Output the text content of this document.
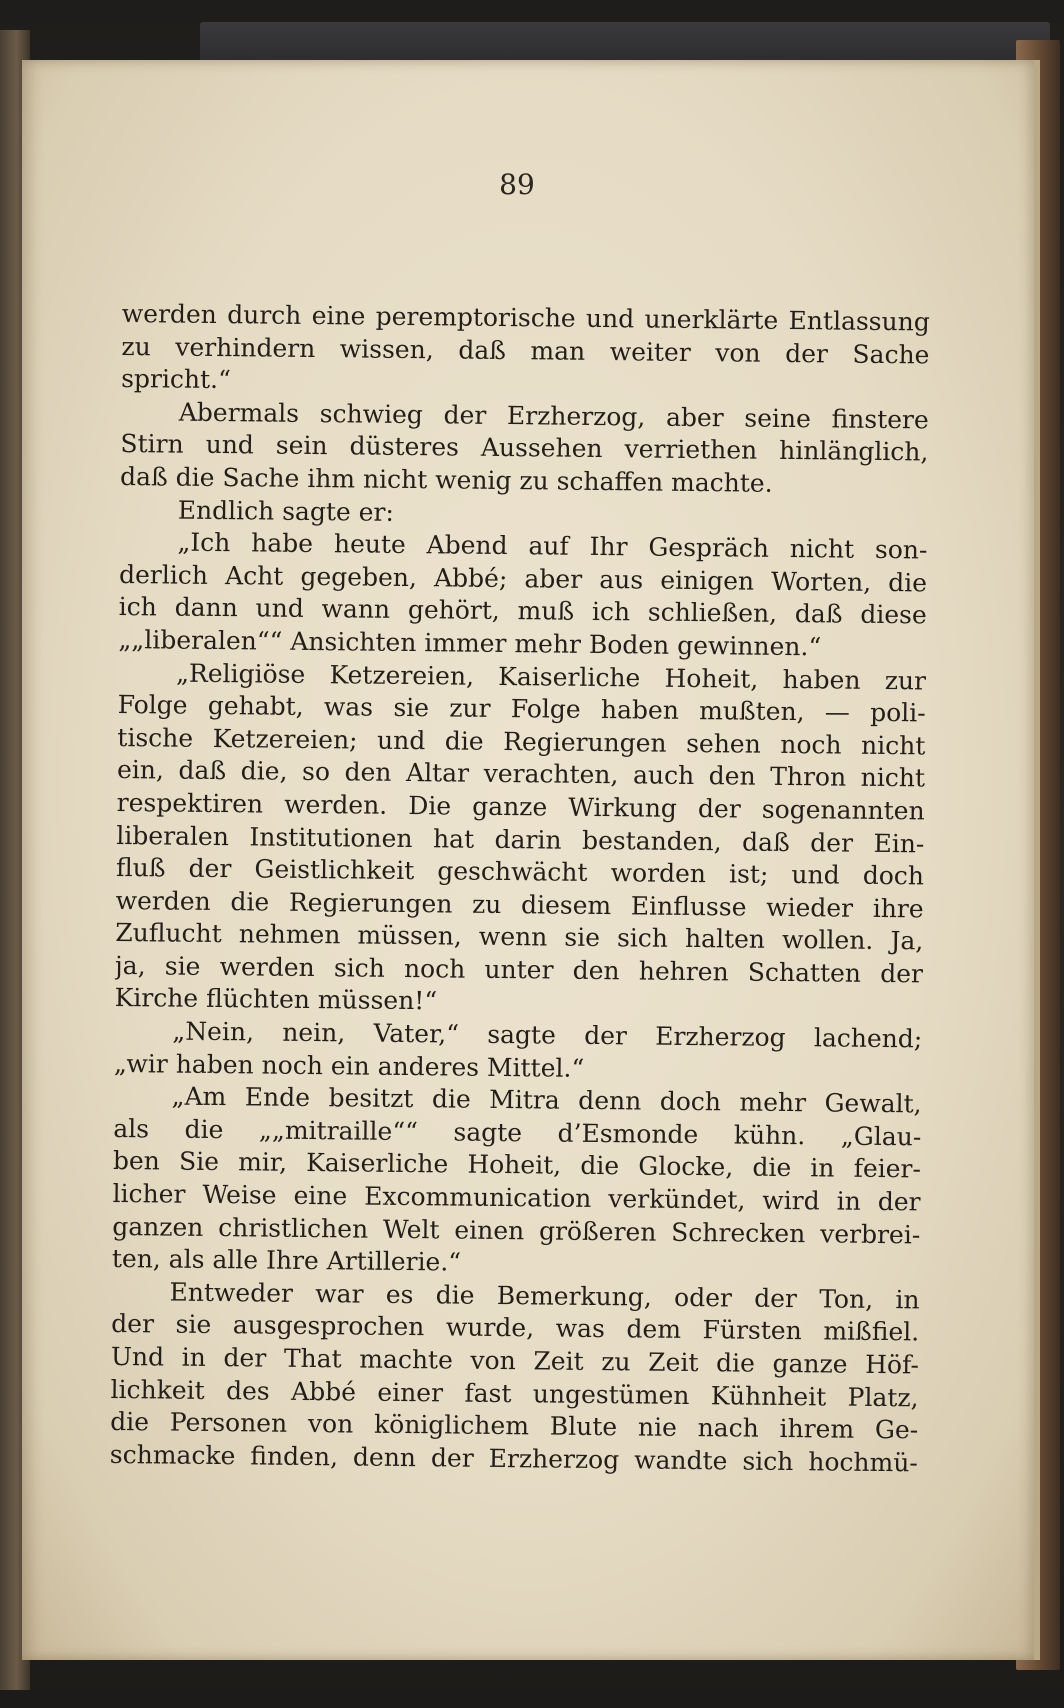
89
werden durch eine peremptorische und unerklärte Entlassung
zu verhindern wissen, daß man weiter von der Sache
spricht.“
Abermals schwieg der Erzherzog, aber seine finstere
Stirn und sein düsteres Aussehen verriethen hinlänglich,
daß die Sache ihm nicht wenig zu schaffen machte.
Endlich sagte er:
„Ich habe heute Abend auf Ihr Gespräch nicht son-
derlich Acht gegeben, Abbé; aber aus einigen Worten, die
ich dann und wann gehört, muß ich schließen, daß diese
„„liberalen““ Ansichten immer mehr Boden gewinnen.“
„Religiöse Ketzereien, Kaiserliche Hoheit, haben zur
Folge gehabt, was sie zur Folge haben mußten, — poli-
tische Ketzereien; und die Regierungen sehen noch nicht
ein, daß die, so den Altar verachten, auch den Thron nicht
respektiren werden. Die ganze Wirkung der sogenannten
liberalen Institutionen hat darin bestanden, daß der Ein-
fluß der Geistlichkeit geschwächt worden ist; und doch
werden die Regierungen zu diesem Einflusse wieder ihre
Zuflucht nehmen müssen, wenn sie sich halten wollen. Ja,
ja, sie werden sich noch unter den hehren Schatten der
Kirche flüchten müssen!“
„Nein, nein, Vater,“ sagte der Erzherzog lachend;
„wir haben noch ein anderes Mittel.“
„Am Ende besitzt die Mitra denn doch mehr Gewalt,
als die „„mitraille““ sagte d’Esmonde kühn. „Glau-
ben Sie mir, Kaiserliche Hoheit, die Glocke, die in feier-
licher Weise eine Excommunication verkündet, wird in der
ganzen christlichen Welt einen größeren Schrecken verbrei-
ten, als alle Ihre Artillerie.“
Entweder war es die Bemerkung, oder der Ton, in
der sie ausgesprochen wurde, was dem Fürsten mißfiel.
Und in der That machte von Zeit zu Zeit die ganze Höf-
lichkeit des Abbé einer fast ungestümen Kühnheit Platz,
die Personen von königlichem Blute nie nach ihrem Ge-
schmacke finden, denn der Erzherzog wandte sich hochmü-
